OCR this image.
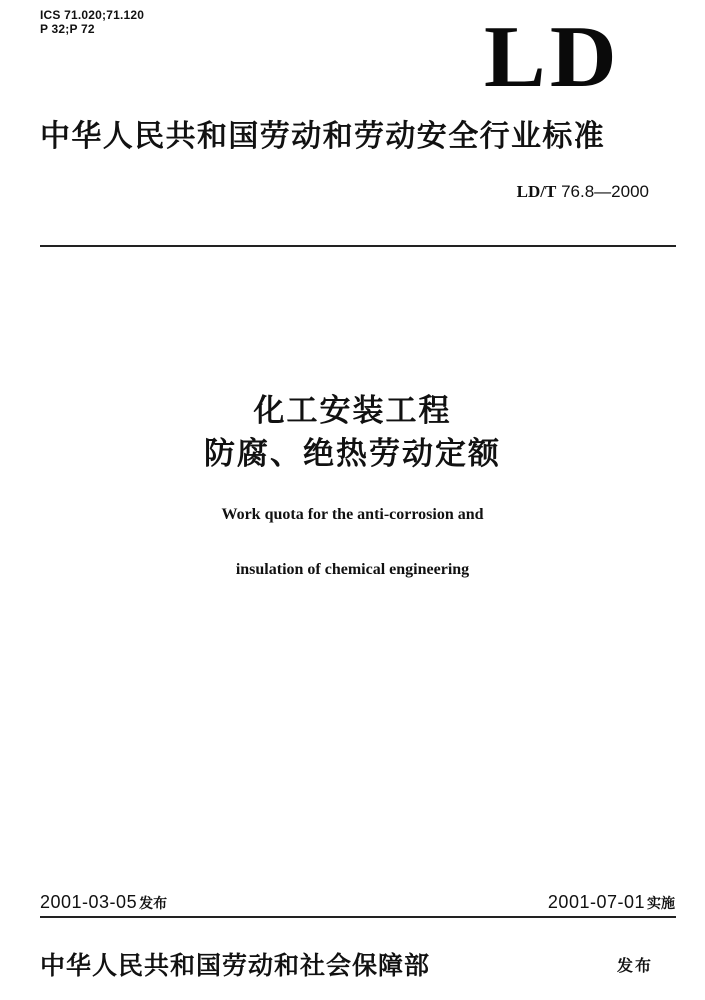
ICS 71.020;71.120
P 32;P 72	LD
中华人民共和国劳动和劳动安全行业标准
LD/T 76.8—2000
化工安装工程
防腐、绝热劳动定额
Work quota for the anti-corrosion and
insulation of chemical engineering
2001-03-05 发布	2001-07-01 实施
中华人民共和国劳动和社会保障部	发布
